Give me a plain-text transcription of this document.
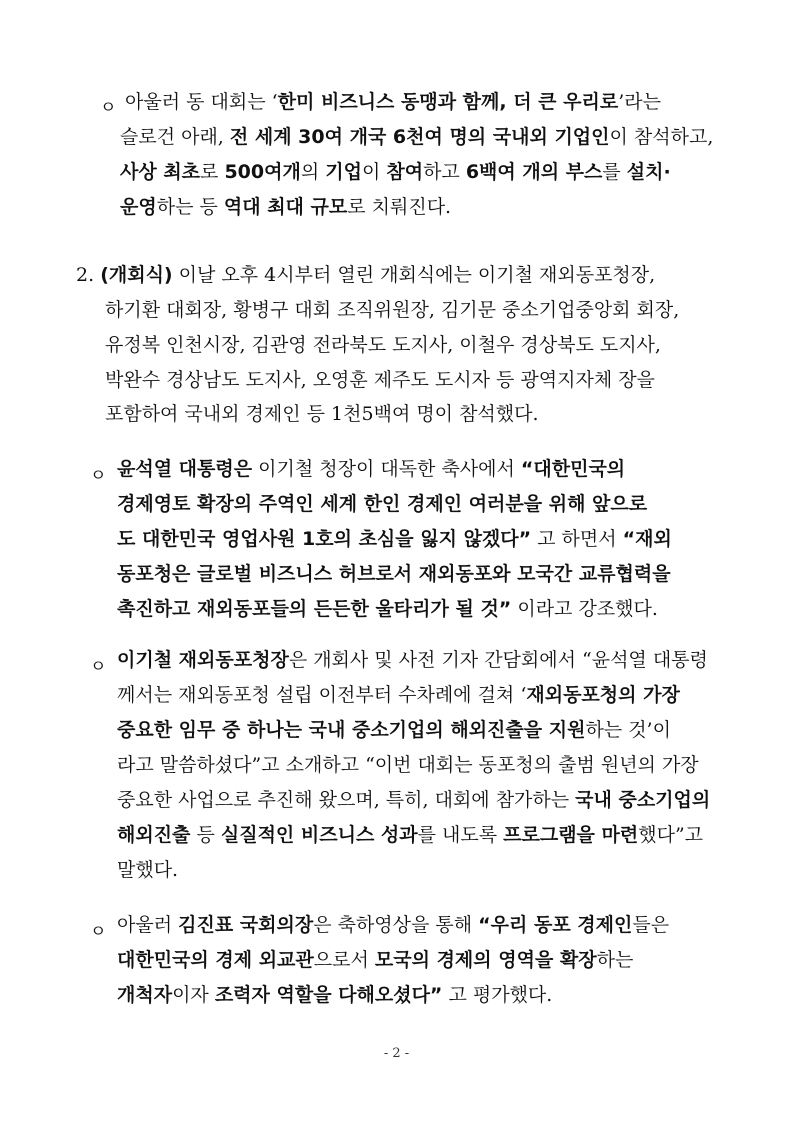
ㅇ 아울러 동 대회는 ‘한미 비즈니스 동맹과 함께, 더 큰 우리로’라는
슬로건 아래, 전 세계 30여 개국 6천여 명의 국내외 기업인이 참석하고,
사상 최초로 500여개의 기업이 참여하고 6백여 개의 부스를 설치·
운영하는 등 역대 최대 규모로 치뤄진다.
2. (개회식) 이날 오후 4시부터 열린 개회식에는 이기철 재외동포청장,
하기환 대회장, 황병구 대회 조직위원장, 김기문 중소기업중앙회 회장,
유정복 인천시장, 김관영 전라북도 도지사, 이철우 경상북도 도지사,
박완수 경상남도 도지사, 오영훈 제주도 도시자 등 광역지자체 장을
포함하여 국내외 경제인 등 1천5백여 명이 참석했다.
ㅇ 윤석열 대통령은 이기철 청장이 대독한 축사에서 “대한민국의
경제영토 확장의 주역인 세계 한인 경제인 여러분을 위해 앞으로
도 대한민국 영업사원 1호의 초심을 잃지 않겠다” 고 하면서 “재외
동포청은 글로벌 비즈니스 허브로서 재외동포와 모국간 교류협력을
촉진하고 재외동포들의 든든한 울타리가 될 것” 이라고 강조했다.
ㅇ 이기철 재외동포청장은 개회사 및 사전 기자 간담회에서 “윤석열 대통령
께서는 재외동포청 설립 이전부터 수차례에 걸쳐 ‘재외동포청의 가장
중요한 임무 중 하나는 국내 중소기업의 해외진출을 지원하는 것’이
라고 말씀하셨다”고 소개하고 “이번 대회는 동포청의 출범 원년의 가장
중요한 사업으로 추진해 왔으며, 특히, 대회에 참가하는 국내 중소기업의
해외진출 등 실질적인 비즈니스 성과를 내도록 프로그램을 마련했다”고
말했다.
ㅇ 아울러 김진표 국회의장은 축하영상을 통해 “우리 동포 경제인들은
대한민국의 경제 외교관으로서 모국의 경제의 영역을 확장하는
개척자이자 조력자 역할을 다해오셨다” 고 평가했다.
- 2 -
